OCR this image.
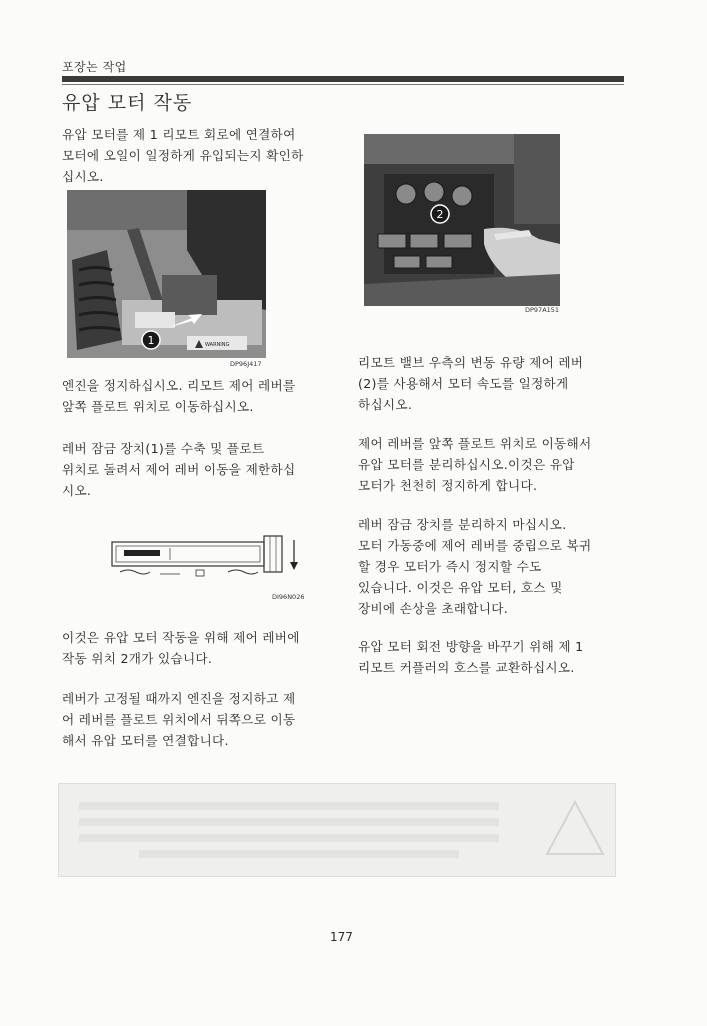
포장논 작업
유압 모터 작동
유압 모터를 제 1 리모트 회로에 연결하여
모터에 오일이 일정하게 유입되는지 확인하
십시오.
WARNING
1
DP96J417
엔진을 정지하십시오. 리모트 제어 레버를
앞쪽 플로트 위치로 이동하십시오.
레버 잠금 장치(1)를 수축 및 플로트
위치로 돌려서 제어 레버 이동을 제한하십
시오.
DI96N026
이것은 유압 모터 작동을 위해 제어 레버에
작동 위치 2개가 있습니다.
레버가 고정될 때까지 엔진을 정지하고 제
어 레버를 플로트 위치에서 뒤쪽으로 이동
해서 유압 모터를 연결합니다.
2
DP97A151
리모트 밸브 우측의 변동 유량 제어 레버
(2)를 사용해서 모터 속도를 일정하게
하십시오.
제어 레버를 앞쪽 플로트 위치로 이동해서
유압 모터를 분리하십시오.이것은 유압
모터가 천천히 정지하게 합니다.
레버 잠금 장치를 분리하지 마십시오.
모터 가동중에 제어 레버를 중립으로 복귀
할 경우 모터가 즉시 정지할 수도
있습니다. 이것은 유압 모터, 호스 및
장비에 손상을 초래합니다.
유압 모터 회전 방향을 바꾸기 위해 제 1
리모트 커플러의 호스를 교환하십시오.
177
